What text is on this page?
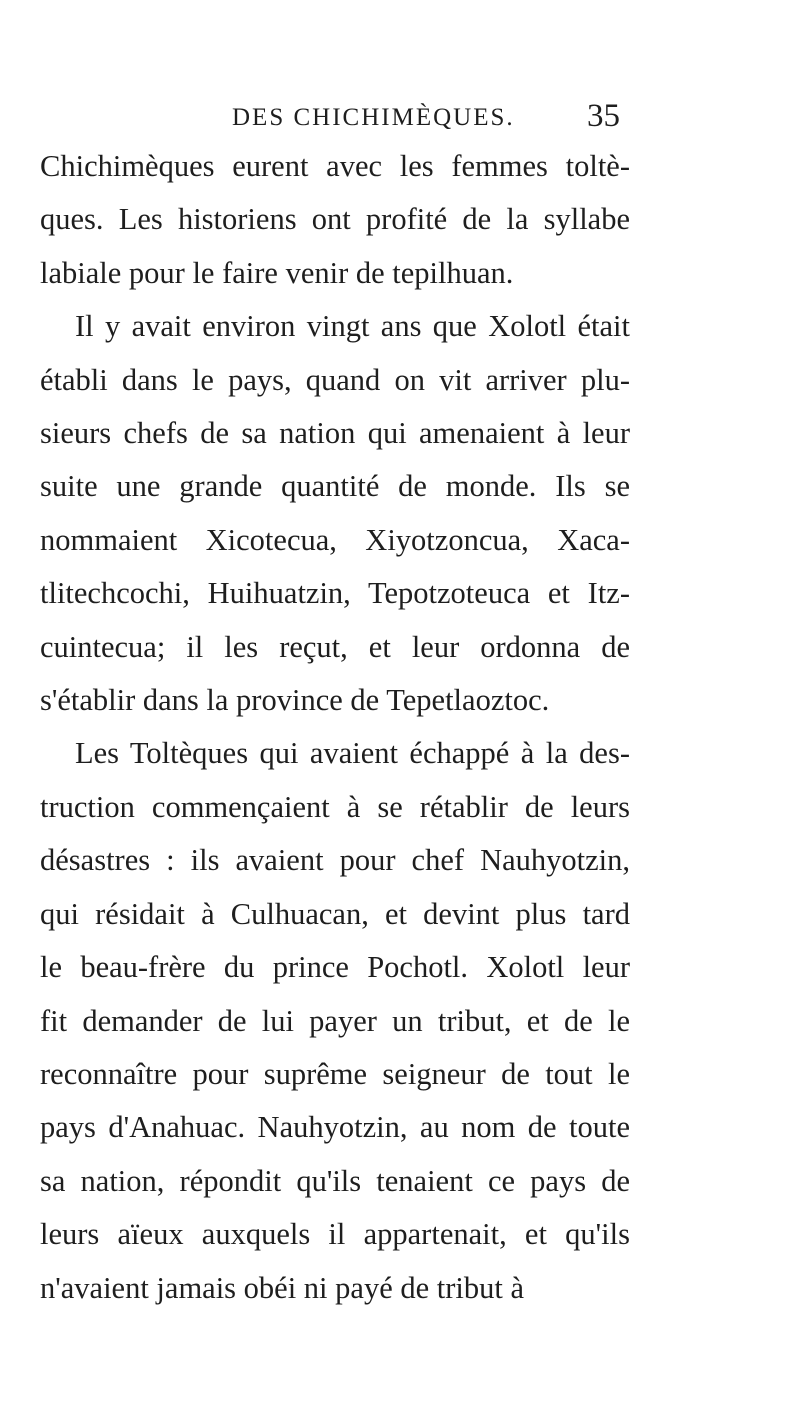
DES CHICHIMÈQUES. 35
Chichimèques eurent avec les femmes toltè-
ques. Les historiens ont profité de la syllabe
labiale pour le faire venir de tepilhuan.
Il y avait environ vingt ans que Xolotl était
établi dans le pays, quand on vit arriver plu-
sieurs chefs de sa nation qui amenaient à leur
suite une grande quantité de monde. Ils se
nommaient Xicotecua, Xiyotzoncua, Xaca-
tlitechcochi, Huihuatzin, Tepotzoteuca et Itz-
cuintecua; il les reçut, et leur ordonna de
s'établir dans la province de Tepetlaoztoc.
Les Toltèques qui avaient échappé à la des-
truction commençaient à se rétablir de leurs
désastres : ils avaient pour chef Nauhyotzin,
qui résidait à Culhuacan, et devint plus tard
le beau-frère du prince Pochotl. Xolotl leur
fit demander de lui payer un tribut, et de le
reconnaître pour suprême seigneur de tout le
pays d'Anahuac. Nauhyotzin, au nom de toute
sa nation, répondit qu'ils tenaient ce pays de
leurs aïeux auxquels il appartenait, et qu'ils
n'avaient jamais obéi ni payé de tribut à
